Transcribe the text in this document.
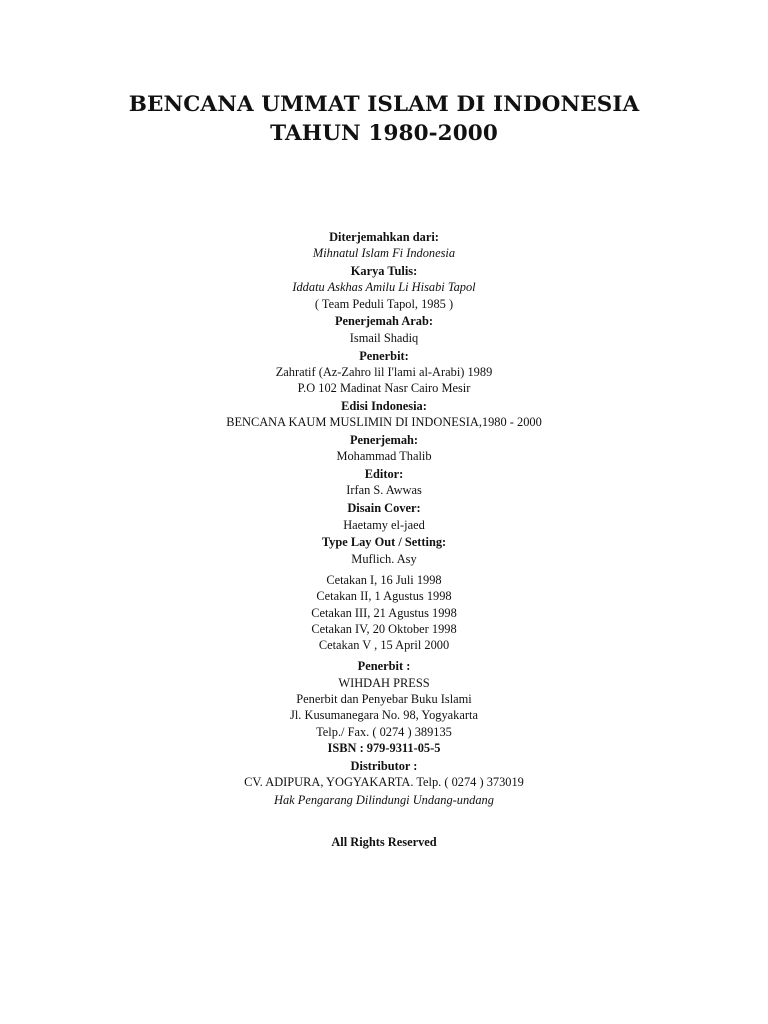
BENCANA UMMAT ISLAM DI INDONESIA
TAHUN 1980-2000
Diterjemahkan dari:
Mihnatul Islam Fi Indonesia
Karya Tulis:
Iddatu Askhas Amilu Li Hisabi Tapol
( Team Peduli Tapol, 1985 )
Penerjemah Arab:
Ismail Shadiq
Penerbit:
Zahratif (Az-Zahro lil I'lami al-Arabi) 1989
P.O 102 Madinat Nasr Cairo Mesir
Edisi Indonesia:
BENCANA KAUM MUSLIMIN DI INDONESIA,1980 - 2000
Penerjemah:
Mohammad Thalib
Editor:
Irfan S. Awwas
Disain Cover:
Haetamy el-jaed
Type Lay Out / Setting:
Muflich. Asy
Cetakan I, 16 Juli 1998
Cetakan II, 1 Agustus 1998
Cetakan III, 21 Agustus 1998
Cetakan IV, 20 Oktober 1998
Cetakan V , 15 April 2000
Penerbit :
WIHDAH PRESS
Penerbit dan Penyebar Buku Islami
Jl. Kusumanegara No. 98, Yogyakarta
Telp./ Fax. ( 0274 ) 389135
ISBN : 979-9311-05-5
Distributor :
CV. ADIPURA, YOGYAKARTA. Telp. ( 0274 ) 373019
Hak Pengarang Dilindungi Undang-undang
All Rights Reserved
